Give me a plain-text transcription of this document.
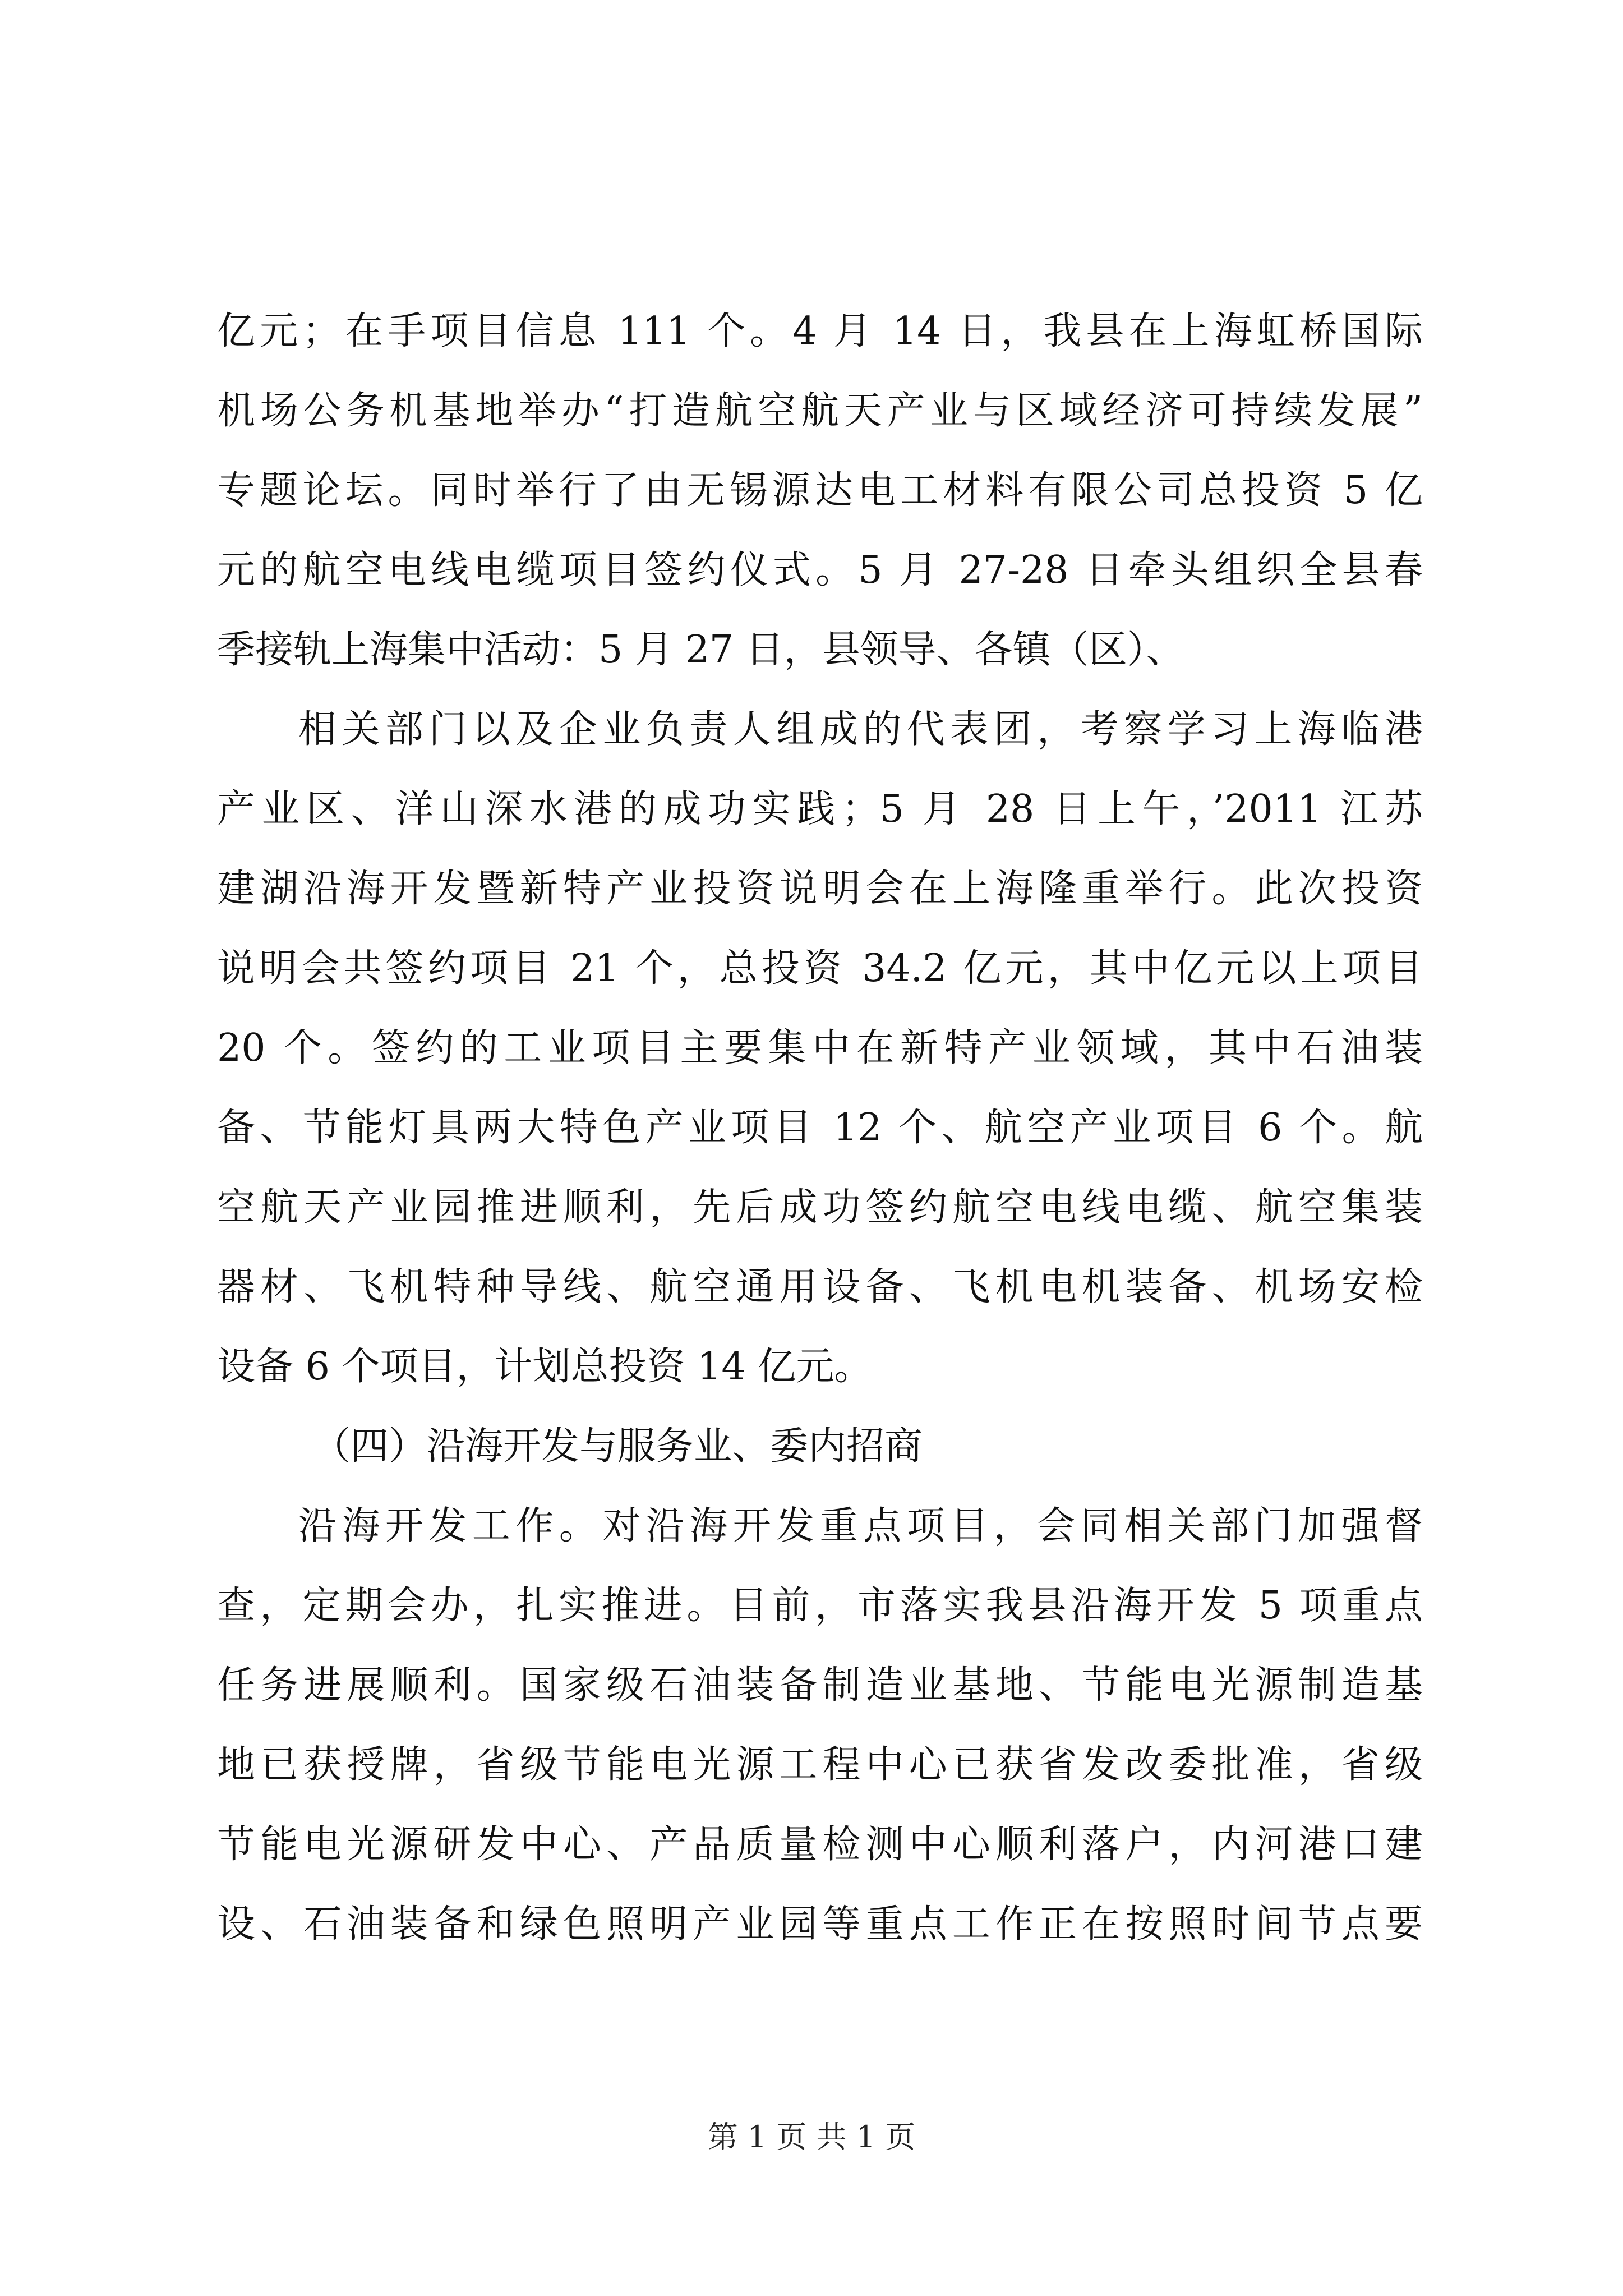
亿元；在手项目信息 111 个。4 月 14 日，我县在上海虹桥国际
机场公务机基地举办“打造航空航天产业与区域经济可持续发展”
专题论坛。同时举行了由无锡源达电工材料有限公司总投资 5 亿
元的航空电线电缆项目签约仪式。5 月 27-28 日牵头组织全县春
季接轨上海集中活动：5 月 27 日，县领导、各镇（区）、
相关部门以及企业负责人组成的代表团，考察学习上海临港
产业区、洋山深水港的成功实践；5 月 28 日上午，’2011 江苏
建湖沿海开发暨新特产业投资说明会在上海隆重举行。此次投资
说明会共签约项目 21 个，总投资 34.2 亿元，其中亿元以上项目
20 个。签约的工业项目主要集中在新特产业领域，其中石油装
备、节能灯具两大特色产业项目 12 个、航空产业项目 6 个。航
空航天产业园推进顺利，先后成功签约航空电线电缆、航空集装
器材、飞机特种导线、航空通用设备、飞机电机装备、机场安检
设备 6 个项目，计划总投资 14 亿元。
（四）沿海开发与服务业、委内招商
沿海开发工作。对沿海开发重点项目，会同相关部门加强督
查，定期会办，扎实推进。目前，市落实我县沿海开发 5 项重点
任务进展顺利。国家级石油装备制造业基地、节能电光源制造基
地已获授牌，省级节能电光源工程中心已获省发改委批准，省级
节能电光源研发中心、产品质量检测中心顺利落户，内河港口建
设、石油装备和绿色照明产业园等重点工作正在按照时间节点要
第 1 页 共 1 页
